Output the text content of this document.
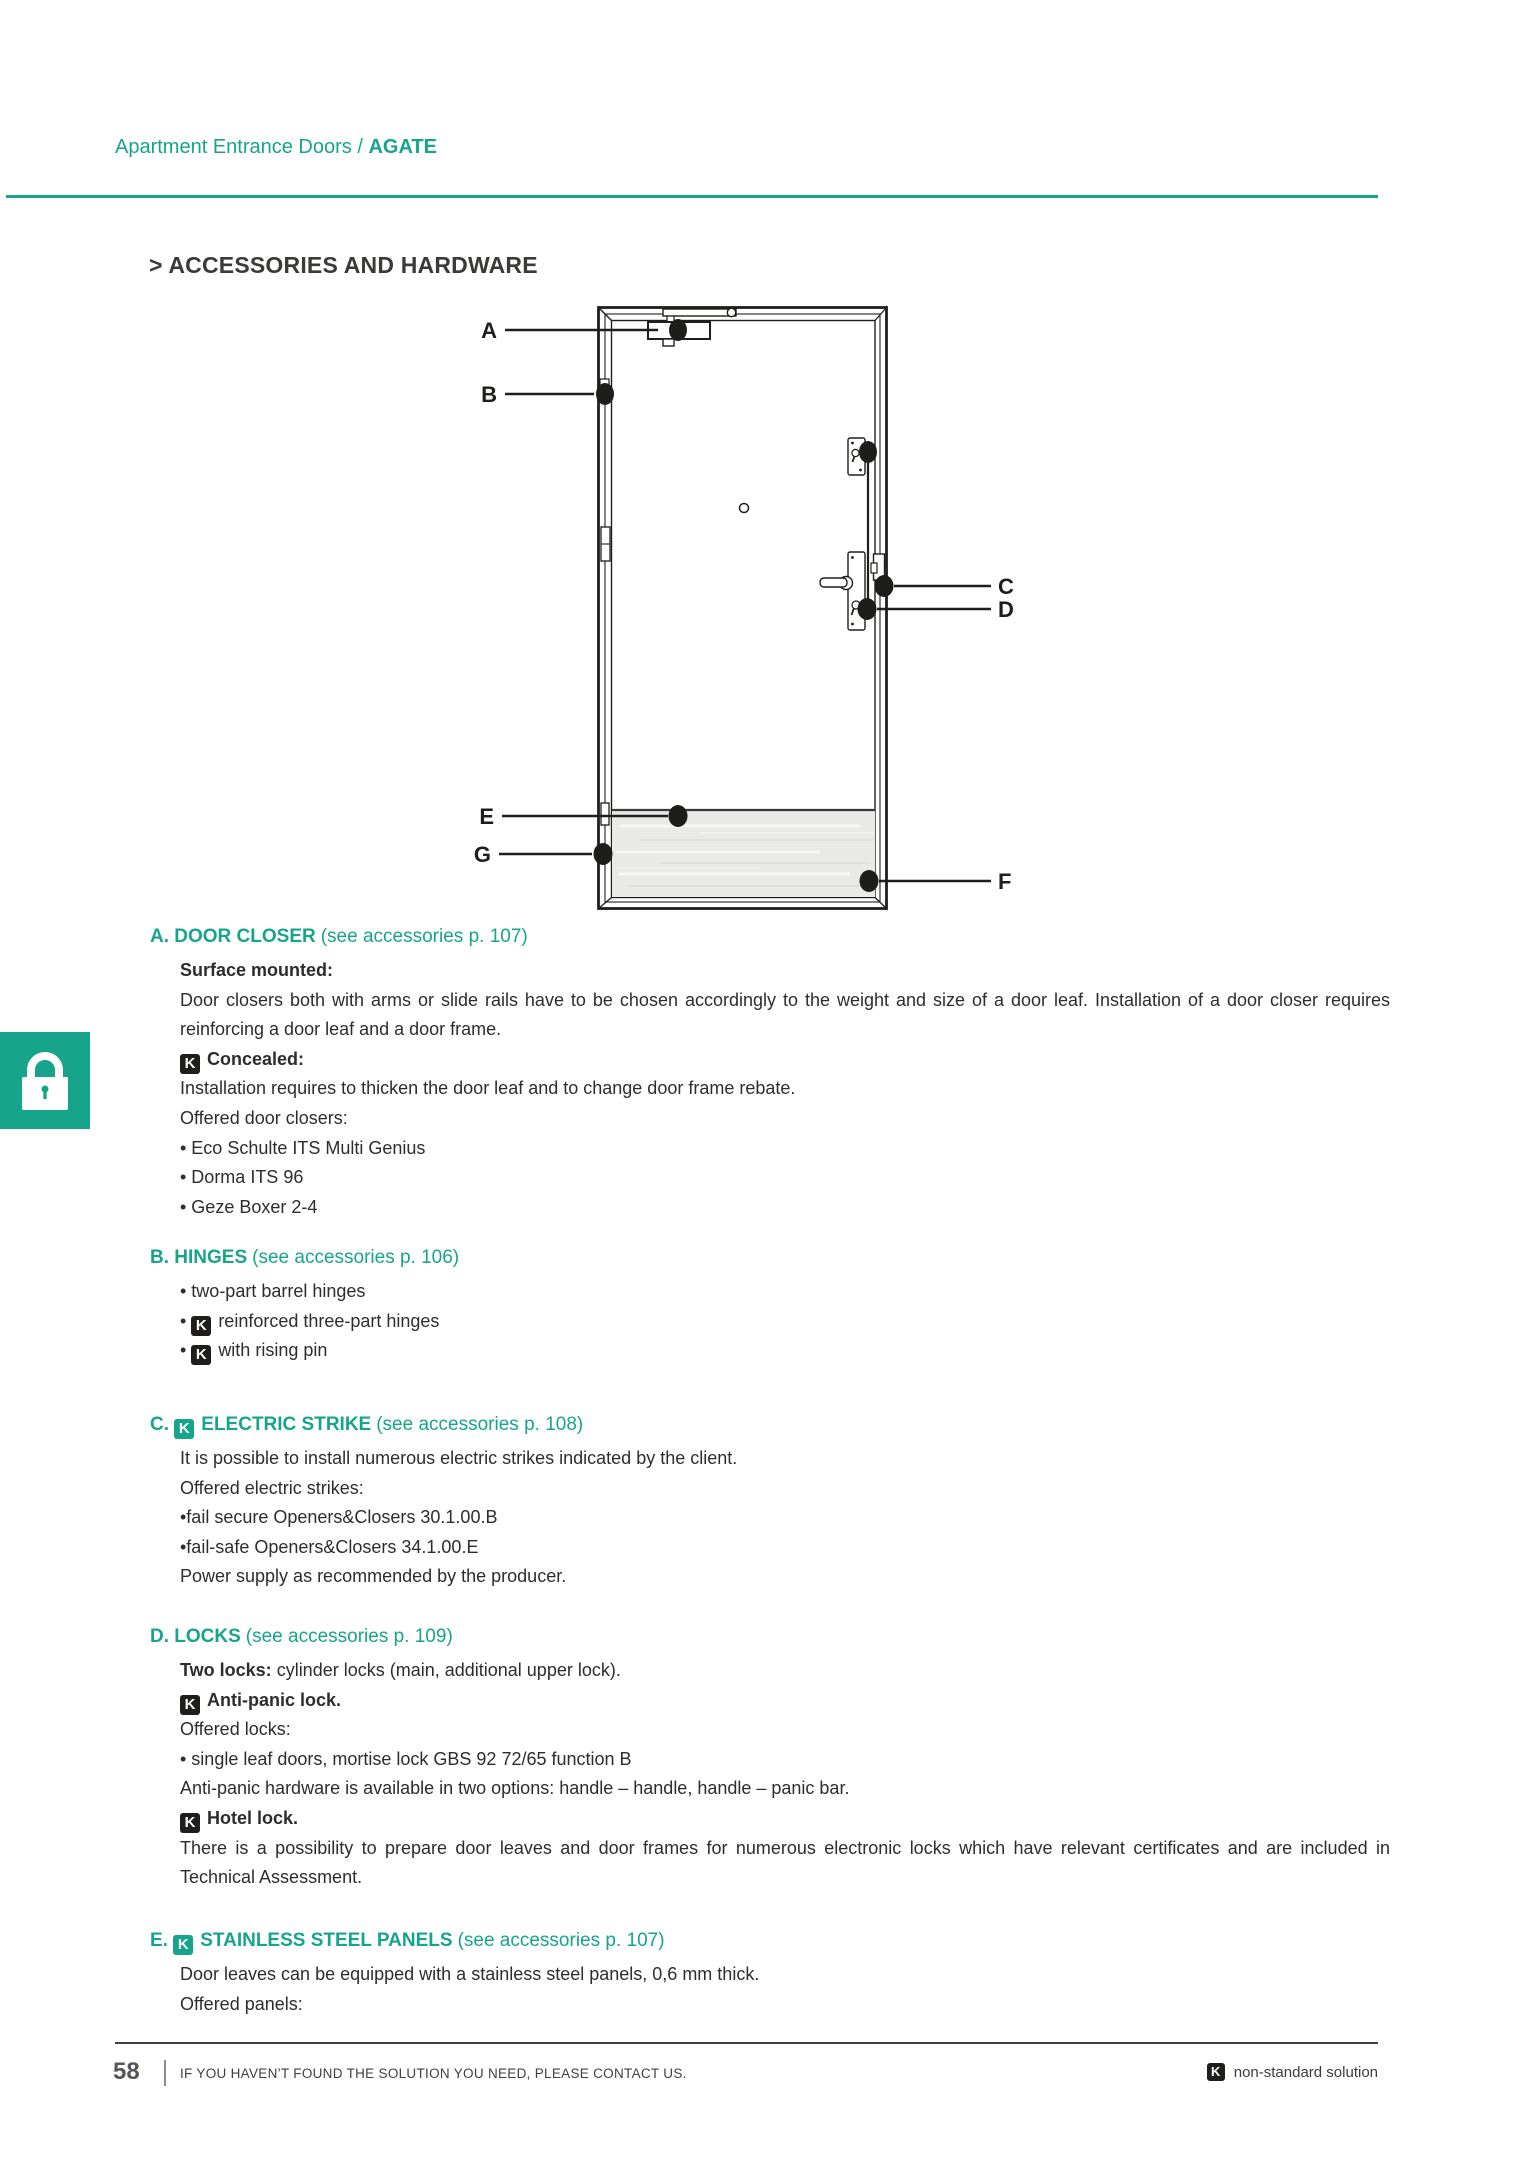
Apartment Entrance Doors / AGATE
> ACCESSORIES AND HARDWARE
A
B
C
D
E
G
F
A. DOOR CLOSER (see accessories p. 107)
Surface mounted:
Door closers both with arms or slide rails have to be chosen accordingly to the weight and size of a door leaf. Installation of a door closer requires reinforcing a door leaf and a door frame.
K Concealed:
Installation requires to thicken the door leaf and to change door frame rebate.
Offered door closers:
• Eco Schulte ITS Multi Genius
• Dorma ITS 96
• Geze Boxer 2-4
B. HINGES (see accessories p. 106)
• two-part barrel hinges
• K reinforced three-part hinges
• K with rising pin
C. K ELECTRIC STRIKE (see accessories p. 108)
It is possible to install numerous electric strikes indicated by the client.
Offered electric strikes:
•fail secure Openers&Closers 30.1.00.B
•fail-safe Openers&Closers 34.1.00.E
Power supply as recommended by the producer.
D. LOCKS (see accessories p. 109)
Two locks: cylinder locks (main, additional upper lock).
K Anti-panic lock.
Offered locks:
• single leaf doors, mortise lock GBS 92 72/65 function B
Anti-panic hardware is available in two options: handle – handle, handle – panic bar.
K Hotel lock.
There is a possibility to prepare door leaves and door frames for numerous electronic locks which have relevant certificates and are included in Technical Assessment.
E. K STAINLESS STEEL PANELS (see accessories p. 107)
Door leaves can be equipped with a stainless steel panels, 0,6 mm thick.
Offered panels:
58	IF YOU HAVEN’T FOUND THE SOLUTION YOU NEED, PLEASE CONTACT US.	K non-standard solution
